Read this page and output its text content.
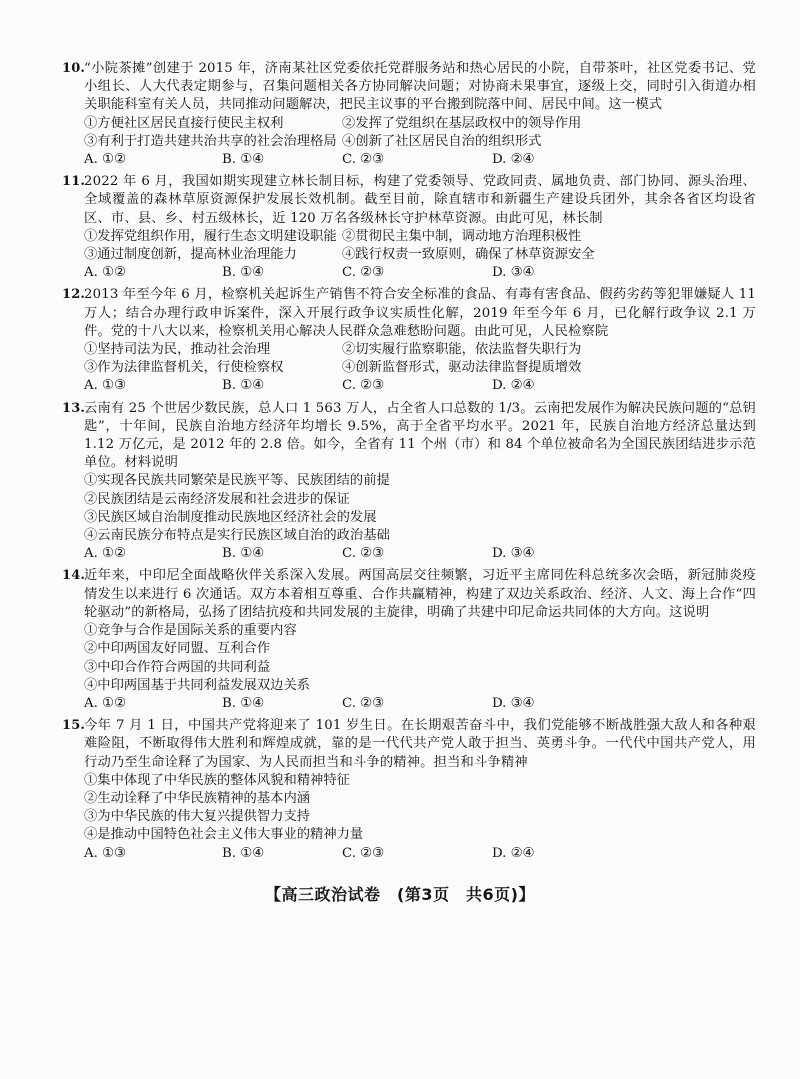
10.
“小院茶摊”创建于 2015 年，济南某社区党委依托党群服务站和热心居民的小院，自带茶叶，社区党委书记、党小组长、人大代表定期参与，召集问题相关各方协同解决问题；对协商未果事宜，逐级上交，同时引入街道办相关职能科室有关人员，共同推动问题解决，把民主议事的平台搬到院落中间、居民中间。这一模式
①方便社区居民直接行使民主权利	②发挥了党组织在基层政权中的领导作用
③有利于打造共建共治共享的社会治理格局 ④创新了社区居民自治的组织形式
A. ①②	B. ①④	C. ②③	D. ②④
11.
2022 年 6 月，我国如期实现建立林长制目标，构建了党委领导、党政同责、属地负责、部门协同、源头治理、全域覆盖的森林草原资源保护发展长效机制。截至目前，除直辖市和新疆生产建设兵团外，其余各省区均设省区、市、县、乡、村五级林长，近 120 万名各级林长守护林草资源。由此可见，林长制
①发挥党组织作用，履行生态文明建设职能 ②贯彻民主集中制，调动地方治理积极性
③通过制度创新，提高林业治理能力	④践行权责一致原则，确保了林草资源安全
A. ①②	B. ①④	C. ②③	D. ③④
12.
2013 年至今年 6 月，检察机关起诉生产销售不符合安全标准的食品、有毒有害食品、假药劣药等犯罪嫌疑人 11 万人；结合办理行政申诉案件，深入开展行政争议实质性化解，2019 年至今年 6 月，已化解行政争议 2.1 万件。党的十八大以来，检察机关用心解决人民群众急难愁盼问题。由此可见，人民检察院
①坚持司法为民，推动社会治理	②切实履行监察职能，依法监督失职行为
③作为法律监督机关，行使检察权	④创新监督形式，驱动法律监督提质增效
A. ①③	B. ①④	C. ②③	D. ②④
13.
云南有 25 个世居少数民族，总人口 1 563 万人，占全省人口总数的 1/3。云南把发展作为解决民族问题的“总钥匙”，十年间，民族自治地方经济年均增长 9.5%，高于全省平均水平。2021 年，民族自治地方经济总量达到 1.12 万亿元，是 2012 年的 2.8 倍。如今，全省有 11 个州（市）和 84 个单位被命名为全国民族团结进步示范单位。材料说明
①实现各民族共同繁荣是民族平等、民族团结的前提
②民族团结是云南经济发展和社会进步的保证
③民族区域自治制度推动民族地区经济社会的发展
④云南民族分布特点是实行民族区域自治的政治基础
A. ①②	B. ①④	C. ②③	D. ③④
14.
近年来，中印尼全面战略伙伴关系深入发展。两国高层交往频繁，习近平主席同佐科总统多次会晤，新冠肺炎疫情发生以来进行 6 次通话。双方本着相互尊重、合作共赢精神，构建了双边关系政治、经济、人文、海上合作“四轮驱动”的新格局，弘扬了团结抗疫和共同发展的主旋律，明确了共建中印尼命运共同体的大方向。这说明
①竞争与合作是国际关系的重要内容
②中印两国友好同盟、互利合作
③中印合作符合两国的共同利益
④中印两国基于共同利益发展双边关系
A. ①②	B. ①④	C. ②③	D. ③④
15.
今年 7 月 1 日，中国共产党将迎来了 101 岁生日。在长期艰苦奋斗中，我们党能够不断战胜强大敌人和各种艰难险阻，不断取得伟大胜利和辉煌成就，靠的是一代代共产党人敢于担当、英勇斗争。一代代中国共产党人，用行动乃至生命诠释了为国家、为人民而担当和斗争的精神。担当和斗争精神
①集中体现了中华民族的整体风貌和精神特征
②生动诠释了中华民族精神的基本内涵
③为中华民族的伟大复兴提供智力支持
④是推动中国特色社会主义伟大事业的精神力量
A. ①③	B. ①④	C. ②③	D. ②④
【高三政治试卷　(第3页　共6页)】
